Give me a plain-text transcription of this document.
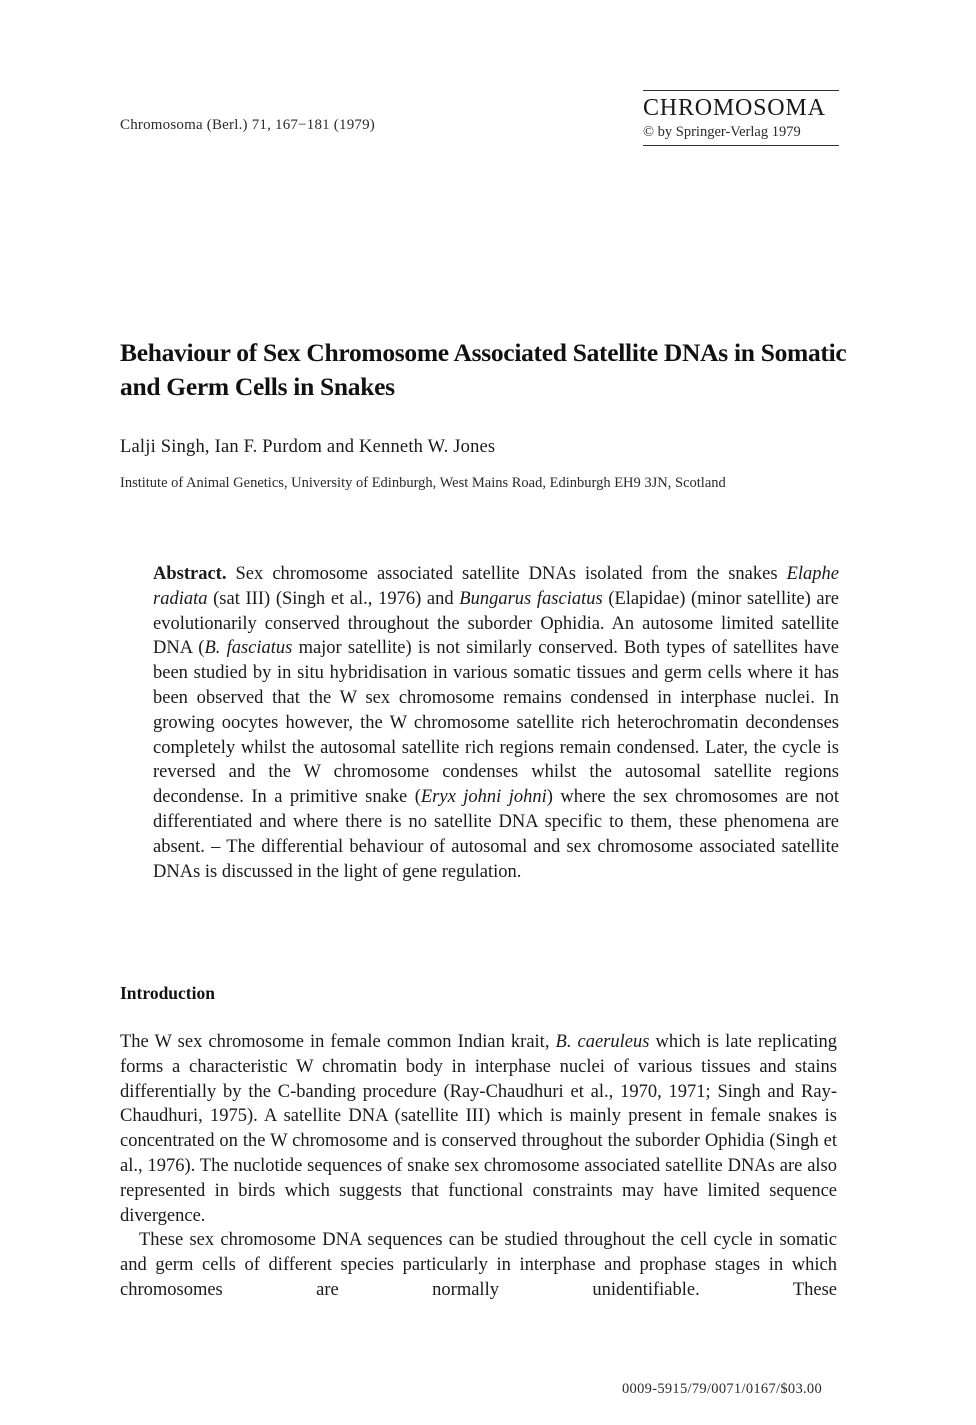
Chromosoma (Berl.) 71, 167−181 (1979)
CHROMOSOMA
© by Springer-Verlag 1979
Behaviour of Sex Chromosome Associated Satellite DNAs in Somatic and Germ Cells in Snakes

Lalji Singh, Ian F. Purdom and Kenneth W. Jones

Institute of Animal Genetics, University of Edinburgh, West Mains Road, Edinburgh EH9 3JN, Scotland

Abstract. Sex chromosome associated satellite DNAs isolated from the snakes Elaphe radiata (sat III) (Singh et al., 1976) and Bungarus fasciatus (Elapidae) (minor satellite) are evolutionarily conserved throughout the suborder Ophidia. An autosome limited satellite DNA (B. fasciatus major satellite) is not similarly conserved. Both types of satellites have been studied by in situ hybridisation in various somatic tissues and germ cells where it has been observed that the W sex chromosome remains condensed in interphase nuclei. In growing oocytes however, the W chromosome satellite rich heterochromatin decondenses completely whilst the autosomal satellite rich regions remain condensed. Later, the cycle is reversed and the W chromosome condenses whilst the autosomal satellite regions decondense. In a primitive snake (Eryx johni johni) where the sex chromosomes are not differentiated and where there is no satellite DNA specific to them, these phenomena are absent. – The differential behaviour of autosomal and sex chromosome associated satellite DNAs is discussed in the light of gene regulation.

Introduction

The W sex chromosome in female common Indian krait, B. caeruleus which is late replicating forms a characteristic W chromatin body in interphase nuclei of various tissues and stains differentially by the C-banding procedure (Ray-Chaudhuri et al., 1970, 1971; Singh and Ray-Chaudhuri, 1975). A satellite DNA (satellite III) which is mainly present in female snakes is concentrated on the W chromosome and is conserved throughout the suborder Ophidia (Singh et al., 1976). The nuclotide sequences of snake sex chromosome associated satellite DNAs are also represented in birds which suggests that functional constraints may have limited sequence divergence.

These sex chromosome DNA sequences can be studied throughout the cell cycle in somatic and germ cells of different species particularly in interphase and prophase stages in which chromosomes are normally unidentifiable. These

0009-5915/79/0071/0167/$03.00
